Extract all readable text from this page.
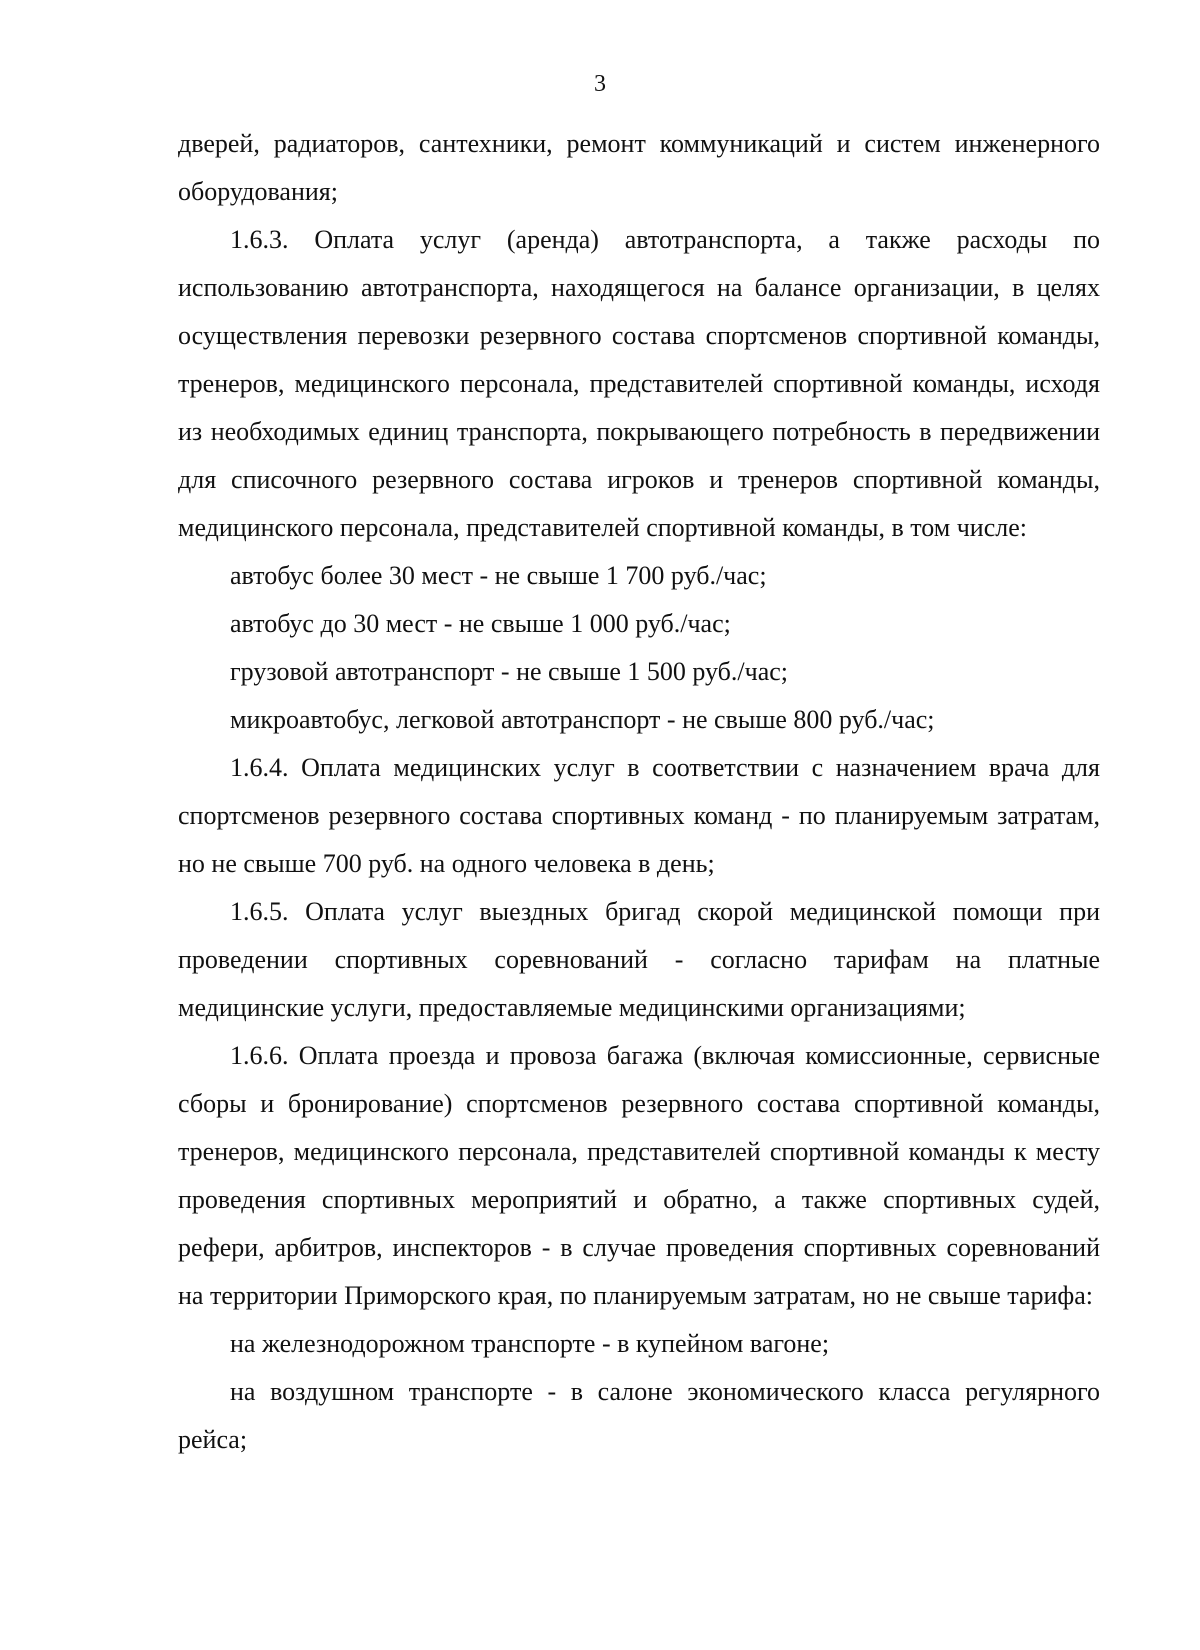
3

дверей, радиаторов, сантехники, ремонт коммуникаций и систем инженерного оборудования;

1.6.3. Оплата услуг (аренда) автотранспорта, а также расходы по использованию автотранспорта, находящегося на балансе организации, в целях осуществления перевозки резервного состава спортсменов спортивной команды, тренеров, медицинского персонала, представителей спортивной команды, исходя из необходимых единиц транспорта, покрывающего потребность в передвижении для списочного резервного состава игроков и тренеров спортивной команды, медицинского персонала, представителей спортивной команды, в том числе:

автобус более 30 мест - не свыше 1 700 руб./час;

автобус до 30 мест - не свыше 1 000 руб./час;

грузовой автотранспорт - не свыше 1 500 руб./час;

микроавтобус, легковой автотранспорт - не свыше 800 руб./час;

1.6.4. Оплата медицинских услуг в соответствии с назначением врача для спортсменов резервного состава спортивных команд - по планируемым затратам, но не свыше 700 руб. на одного человека в день;

1.6.5. Оплата услуг выездных бригад скорой медицинской помощи при проведении спортивных соревнований - согласно тарифам на платные медицинские услуги, предоставляемые медицинскими организациями;

1.6.6. Оплата проезда и провоза багажа (включая комиссионные, сервисные сборы и бронирование) спортсменов резервного состава спортивной команды, тренеров, медицинского персонала, представителей спортивной команды к месту проведения спортивных мероприятий и обратно, а также спортивных судей, рефери, арбитров, инспекторов - в случае проведения спортивных соревнований на территории Приморского края, по планируемым затратам, но не свыше тарифа:

на железнодорожном транспорте - в купейном вагоне;

на воздушном транспорте - в салоне экономического класса регулярного рейса;
